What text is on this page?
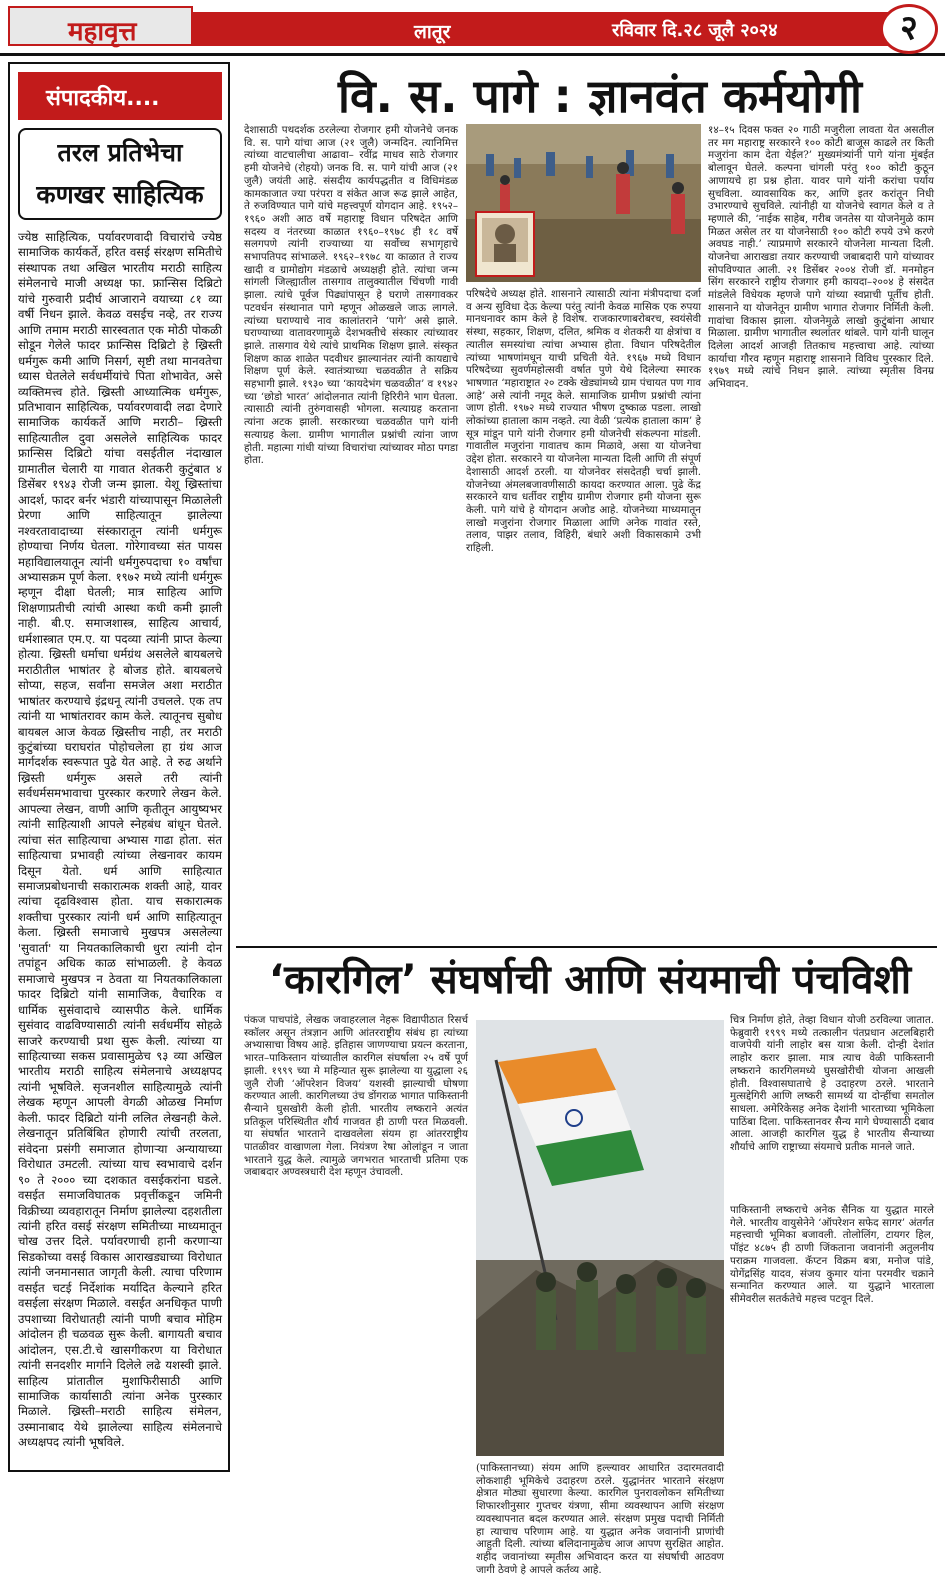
महावृत्त	लातूर	रविवार दि.२८ जूलै २०२४	२
संपादकीय....
तरल प्रतिभेचा
कणखर साहित्यिक
ज्येष्ठ साहित्यिक, पर्यावरणवादी विचारांचे ज्येष्ठ सामाजिक कार्यकर्ते, हरित वसई संरक्षण समितीचे संस्थापक तथा अखिल भारतीय मराठी साहित्य संमेलनाचे माजी अध्यक्ष फा. फ्रान्सिस दिब्रिटो यांचे गुरुवारी प्रदीर्घ आजाराने वयाच्या ८१ व्या वर्षी निधन झाले. केवळ वसईच नव्हे, तर राज्य आणि तमाम मराठी सारस्वतात एक मोठी पोकळी सोडून गेलेले फादर फ्रान्सिस दिब्रिटो हे ख्रिस्ती धर्मगुरू कमी आणि निसर्ग, सृष्टी तथा मानवतेचा ध्यास घेतलेले सर्वधर्मीयांचे पिता शोभावेत, असे व्यक्तिमत्त्व होते. ख्रिस्ती आध्यात्मिक धर्मगुरू, प्रतिभावान साहित्यिक, पर्यावरणवादी लढा देणारे सामाजिक कार्यकर्ते आणि मराठी– ख्रिस्ती साहित्यातील दुवा असलेले साहित्यिक फादर फ्रान्सिस दिब्रिटो यांचा वसईतील नंदाखाल ग्रामातील चेलारी या गावात शेतकरी कुटुंबात ४ डिसेंबर १९४३ रोजी जन्म झाला. येशू ख्रिस्तांचा आदर्श, फादर बर्नर भंडारी यांच्यापासून मिळालेली प्रेरणा आणि साहित्यातून झालेल्या नश्वरतावादाच्या संस्कारातून त्यांनी धर्मगुरू होण्याचा निर्णय घेतला. गोरेगावच्या संत पायस महाविद्यालयातून त्यांनी धर्मगुरुपदाचा १० वर्षांचा अभ्यासक्रम पूर्ण केला. १९७२ मध्ये त्यांनी धर्मगुरू म्हणून दीक्षा घेतली; मात्र साहित्य आणि शिक्षणाप्रतीची त्यांची आस्था कधी कमी झाली नाही. बी.ए. समाजशास्त्र, साहित्य आचार्य, धर्मशास्त्रात एम.ए. या पदव्या त्यांनी प्राप्त केल्या होत्या. ख्रिस्ती धर्माचा धर्मग्रंथ असलेले बायबलचे मराठीतील भाषांतर हे बोजड होते. बायबलचे सोप्या, सहज, सर्वांना समजेल अशा मराठीत भाषांतर करण्याचे इंद्रधनू त्यांनी उचलले. एक तप त्यांनी या भाषांतरावर काम केले. त्यातूनच सुबोध बायबल आज केवळ ख्रिस्तीच नाही, तर मराठी कुटुंबांच्या घराघरांत पोहोचलेला हा ग्रंथ आज मार्गदर्शक स्वरूपात पुढे येत आहे. ते रुढ अर्थाने ख्रिस्ती धर्मगुरू असले तरी त्यांनी सर्वधर्मसमभावाचा पुरस्कार करणारे लेखन केले. आपल्या लेखन, वाणी आणि कृतीतून आयुष्यभर त्यांनी साहित्याशी आपले स्नेहबंध बांधून घेतले. त्यांचा संत साहित्याचा अभ्यास गाढा होता. संत साहित्याचा प्रभावही त्यांच्या लेखनावर कायम दिसून येतो. धर्म आणि साहित्यात समाजप्रबोधनाची सकारात्मक शक्ती आहे, यावर त्यांचा दृढविश्वास होता. याच सकारात्मक शक्तीचा पुरस्कार त्यांनी धर्म आणि साहित्यातून केला. ख्रिस्ती समाजाचे मुखपत्र असलेल्या 'सुवार्ता' या नियतकालिकाची धुरा त्यांनी दोन तपांहून अधिक काळ सांभाळली. हे केवळ समाजाचे मुखपत्र न ठेवता या नियतकालिकाला फादर दिब्रिटो यांनी सामाजिक, वैचारिक व धार्मिक सुसंवादाचे व्यासपीठ केले. धार्मिक सुसंवाद वाढविण्यासाठी त्यांनी सर्वधर्मीय सोहळे साजरे करण्याची प्रथा सुरू केली. त्यांच्या या साहित्याच्या सकस प्रवासामुळेच ९३ व्या अखिल भारतीय मराठी साहित्य संमेलनाचे अध्यक्षपद त्यांनी भूषविले. सृजनशील साहित्यामुळे त्यांनी लेखक म्हणून आपली वेगळी ओळख निर्माण केली. फादर दिब्रिटो यांनी ललित लेखनही केले. लेखनातून प्रतिबिंबित होणारी त्यांची तरलता, संवेदना प्रसंगी समाजात होणाऱ्या अन्यायाच्या विरोधात उमटली. त्यांच्या याच स्वभावाचे दर्शन ९० ते २००० च्या दशकात वसईकरांना घडले. वसईत समाजविघातक प्रवृत्तींकडून जमिनी विक्रीच्या व्यवहारातून निर्माण झालेल्या दहशतीला त्यांनी हरित वसई संरक्षण समितीच्या माध्यमातून चोख उत्तर दिले. पर्यावरणाची हानी करणाऱ्या सिडकोच्या वसई विकास आराखड्याच्या विरोधात त्यांनी जनमानसात जागृती केली. त्याचा परिणाम वसईत चटई निर्देशांक मर्यादित केल्याने हरित वसईला संरक्षण मिळाले. वसईत अनधिकृत पाणी उपशाच्या विरोधातही त्यांनी पाणी बचाव मोहिम आंदोलन ही चळवळ सुरू केली. बागायती बचाव आंदोलन, एस.टी.चे खासगीकरण या विरोधात त्यांनी सनदशीर मार्गाने दिलेले लढे यशस्वी झाले. साहित्य प्रांतातील मुशाफिरीसाठी आणि सामाजिक कार्यासाठी त्यांना अनेक पुरस्कार मिळाले. ख्रिस्ती–मराठी साहित्य संमेलन, उस्मानाबाद येथे झालेल्या साहित्य संमेलनाचे अध्यक्षपद त्यांनी भूषविले.
वि. स. पागे : ज्ञानवंत कर्मयोगी
देशासाठी पथदर्शक ठरलेल्या रोजगार हमी योजनेचे जनक वि. स. पागे यांचा आज (२१ जुलै) जन्मदिन. त्यानिमित्त त्यांच्या वाटचालीचा आढावा– रवींद्र माधव साठे रोजगार हमी योजनेचे (रोहयो) जनक वि. स. पागे यांची आज (२१ जुलै) जयंती आहे. संसदीय कार्यपद्धतीत व विधिमंडळ कामकाजात ज्या परंपरा व संकेत आज रूढ झाले आहेत, ते रुजविण्यात पागे यांचे महत्त्वपूर्ण योगदान आहे. १९५२–१९६० अशी आठ वर्षे महाराष्ट्र विधान परिषदेत आणि सदस्य व नंतरच्या काळात १९६०–१९७८ ही १८ वर्षे सलगपणे त्यांनी राज्याच्या या सर्वोच्च सभागृहाचे सभापतिपद सांभाळले. १९६२–१९७८ या काळात ते राज्य खादी व ग्रामोद्योग मंडळाचे अध्यक्षही होते. त्यांचा जन्म सांगली जिल्ह्यातील तासगाव तालुक्यातील चिंचणी गावी झाला. त्यांचे पूर्वज पिढ्यांपासून हे घराणे तासगावकर पटवर्धन संस्थानात पागे म्हणून ओळखले जाऊ लागले. त्यांच्या घराण्याचे नाव कालांतराने ‘पागे’ असे झाले. घराण्याच्या वातावरणामुळे देशभक्तीचे संस्कार त्यांच्यावर झाले. तासगाव येथे त्यांचे प्राथमिक शिक्षण झाले. संस्कृत शिक्षण काळ शाळेत पदवीधर झाल्यानंतर त्यांनी कायद्याचे शिक्षण पूर्ण केले. स्वातंत्र्याच्या चळवळीत ते सक्रिय सहभागी झाले. १९३० च्या ‘कायदेभंग चळवळीत’ व १९४२ च्या ‘छोडो भारत’ आंदोलनात त्यांनी हिरिरीने भाग घेतला. त्यासाठी त्यांनी तुरुंगवासही भोगला. सत्याग्रह करताना त्यांना अटक झाली. सरकारच्या चळवळीत पागे यांनी सत्याग्रह केला. ग्रामीण भागातील प्रश्नांची त्यांना जाण होती. महात्मा गांधी यांच्या विचारांचा त्यांच्यावर मोठा पगडा होता.
परिषदेचे अध्यक्ष होते. शासनाने त्यासाठी त्यांना मंत्रीपदाचा दर्जा व अन्य सुविधा देऊ केल्या परंतु त्यांनी केवळ मासिक एक रुपया मानधनावर काम केले हे विशेष. राजकारणाबरोबरच, स्वयंसेवी संस्था, सहकार, शिक्षण, दलित, श्रमिक व शेतकरी या क्षेत्रांचा व त्यातील समस्यांचा त्यांचा अभ्यास होता. विधान परिषदेतील त्यांच्या भाषणांमधून याची प्रचिती येते. १९६७ मध्ये विधान परिषदेच्या सुवर्णमहोत्सवी वर्षात पुणे येथे दिलेल्या स्मारक भाषणात ‘महाराष्ट्रात २० टक्के खेड्यांमध्ये ग्राम पंचायत पण गाव आहे’ असे त्यांनी नमूद केले. सामाजिक ग्रामीण प्रश्नांची त्यांना जाण होती. १९७२ मध्ये राज्यात भीषण दुष्काळ पडला. लाखो लोकांच्या हाताला काम नव्हते. त्या वेळी ‘प्रत्येक हाताला काम’ हे सूत्र मांडून पागे यांनी रोजगार हमी योजनेची संकल्पना मांडली. गावातील मजुरांना गावातच काम मिळावे, असा या योजनेचा उद्देश होता. सरकारने या योजनेला मान्यता दिली आणि ती संपूर्ण देशासाठी आदर्श ठरली. या योजनेवर संसदेतही चर्चा झाली. योजनेच्या अंमलबजावणीसाठी कायदा करण्यात आला. पुढे केंद्र सरकारने याच धर्तीवर राष्ट्रीय ग्रामीण रोजगार हमी योजना सुरू केली. पागे यांचे हे योगदान अजोड आहे. योजनेच्या माध्यमातून लाखो मजुरांना रोजगार मिळाला आणि अनेक गावांत रस्ते, तलाव, पाझर तलाव, विहिरी, बंधारे अशी विकासकामे उभी राहिली.
१४–१५ दिवस फक्त २० गाठी मजुरीला लावता येत असतील तर मग महाराष्ट्र सरकारने १०० कोटी बाजूस काढले तर किती मजुरांना काम देता येईल?’ मुख्यमंत्र्यांनी पागे यांना मुंबईत बोलावून घेतले. कल्पना चांगली परंतु १०० कोटी कुठून आणायचे हा प्रश्न होता. यावर पागे यांनी करांचा पर्याय सुचविला. व्यावसायिक कर, आणि इतर करांतून निधी उभारण्याचे सुचविले. त्यांनीही या योजनेचे स्वागत केले व ते म्हणाले की, ‘नाईक साहेब, गरीब जनतेस या योजनेमुळे काम मिळत असेल तर या योजनेसाठी १०० कोटी रुपये उभे करणे अवघड नाही.’ त्याप्रमाणे सरकारने योजनेला मान्यता दिली. योजनेचा आराखडा तयार करण्याची जबाबदारी पागे यांच्यावर सोपविण्यात आली. २१ डिसेंबर २००४ रोजी डॉ. मनमोहन सिंग सरकारने राष्ट्रीय रोजगार हमी कायदा–२००४ हे संसदेत मांडलेले विधेयक म्हणजे पागे यांच्या स्वप्नाची पूर्तीच होती. शासनाने या योजनेतून ग्रामीण भागात रोजगार निर्मिती केली. गावांचा विकास झाला. योजनेमुळे लाखो कुटुंबांना आधार मिळाला. ग्रामीण भागातील स्थलांतर थांबले. पागे यांनी घालून दिलेला आदर्श आजही तितकाच महत्त्वाचा आहे. त्यांच्या कार्याचा गौरव म्हणून महाराष्ट्र शासनाने विविध पुरस्कार दिले. १९७९ मध्ये त्यांचे निधन झाले. त्यांच्या स्मृतीस विनम्र अभिवादन.
‘कारगिल’ संघर्षाची आणि संयमाची पंचविशी
पंकज पाचपांडे, लेखक जवाहरलाल नेहरू विद्यापीठात रिसर्च स्कॉलर असून तंत्रज्ञान आणि आंतरराष्ट्रीय संबंध हा त्यांच्या अभ्यासाचा विषय आहे. इतिहास जाणण्याचा प्रयत्न करताना, भारत–पाकिस्तान यांच्यातील कारगिल संघर्षाला २५ वर्षे पूर्ण झाली. १९९९ च्या मे महिन्यात सुरू झालेल्या या युद्धाला २६ जुलै रोजी ‘ऑपरेशन विजय’ यशस्वी झाल्याची घोषणा करण्यात आली. कारगिलच्या उंच डोंगराळ भागात पाकिस्तानी सैन्याने घुसखोरी केली होती. भारतीय लष्कराने अत्यंत प्रतिकूल परिस्थितीत शौर्य गाजवत ही ठाणी परत मिळवली. या संघर्षात भारताने दाखवलेला संयम हा आंतरराष्ट्रीय पातळीवर वाखाणला गेला. नियंत्रण रेषा ओलांडून न जाता भारताने युद्ध केले. त्यामुळे जगभरात भारताची प्रतिमा एक जबाबदार अण्वस्त्रधारी देश म्हणून उंचावली.
चित्र निर्माण होते, तेव्हा विधान योजी ठरविल्या जातात. फेब्रुवारी १९९९ मध्ये तत्कालीन पंतप्रधान अटलबिहारी वाजपेयी यांनी लाहोर बस यात्रा केली. दोन्ही देशांत लाहोर करार झाला. मात्र त्याच वेळी पाकिस्तानी लष्कराने कारगिलमध्ये घुसखोरीची योजना आखली होती. विश्वासघाताचे हे उदाहरण ठरले. भारताने मुत्सद्देगिरी आणि लष्करी सामर्थ्य या दोन्हींचा समतोल साधला. अमेरिकेसह अनेक देशांनी भारताच्या भूमिकेला पाठिंबा दिला. पाकिस्तानवर सैन्य मागे घेण्यासाठी दबाव आला. आजही कारगिल युद्ध हे भारतीय सैन्याच्या शौर्याचे आणि राष्ट्राच्या संयमाचे प्रतीक मानले जाते.
पाकिस्तानी लष्कराचे अनेक सैनिक या युद्धात मारले गेले. भारतीय वायुसेनेने ‘ऑपरेशन सफेद सागर’ अंतर्गत महत्त्वाची भूमिका बजावली. तोलोलिंग, टायगर हिल, पॉइंट ४८७५ ही ठाणी जिंकताना जवानांनी अतुलनीय पराक्रम गाजवला. कॅप्टन विक्रम बत्रा, मनोज पांडे, योगेंद्रसिंह यादव, संजय कुमार यांना परमवीर चक्राने सन्मानित करण्यात आले. या युद्धाने भारताला सीमेवरील सतर्कतेचे महत्त्व पटवून दिले.
(पाकिस्तानच्या) संयम आणि हल्ल्यावर आधारित उदारमतवादी लोकशाही भूमिकेचे उदाहरण ठरले. युद्धानंतर भारताने संरक्षण क्षेत्रात मोठ्या सुधारणा केल्या. कारगिल पुनरावलोकन समितीच्या शिफारशीनुसार गुप्तचर यंत्रणा, सीमा व्यवस्थापन आणि संरक्षण व्यवस्थापनात बदल करण्यात आले. संरक्षण प्रमुख पदाची निर्मिती हा त्याचाच परिणाम आहे. या युद्धात अनेक जवानांनी प्राणांची आहुती दिली. त्यांच्या बलिदानामुळेच आज आपण सुरक्षित आहोत. शहीद जवानांच्या स्मृतीस अभिवादन करत या संघर्षाची आठवण जागी ठेवणे हे आपले कर्तव्य आहे.
